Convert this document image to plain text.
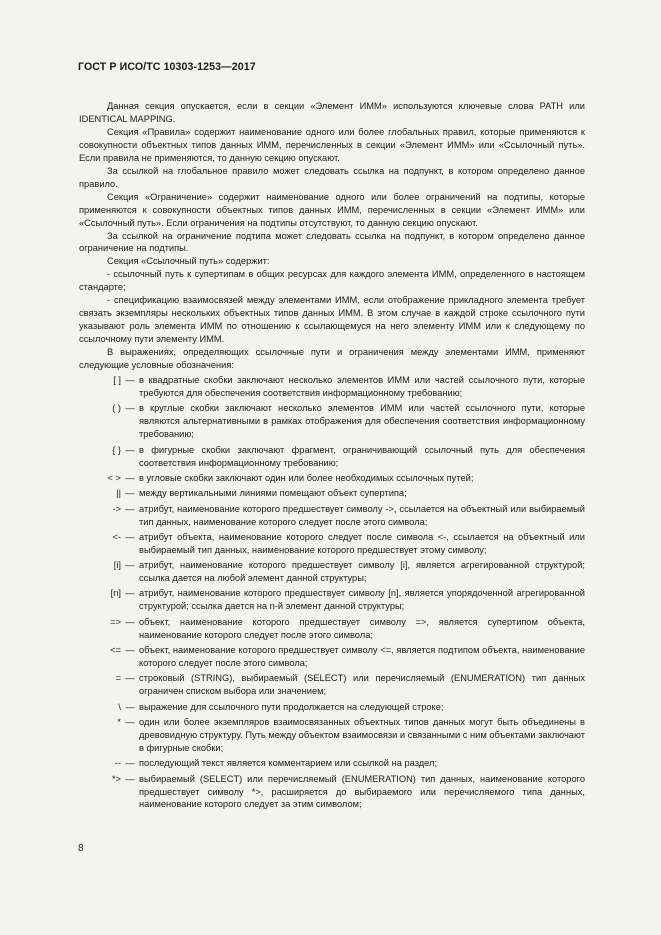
ГОСТ Р ИСО/ТС 10303-1253—2017

Данная секция опускается, если в секции «Элемент ИММ» используются ключевые слова PATH или IDENTICAL MAPPING.

Секция «Правила» содержит наименование одного или более глобальных правил, которые применяются к совокупности объектных типов данных ИММ, перечисленных в секции «Элемент ИММ» или «Ссылочный путь». Если правила не применяются, то данную секцию опускают.

За ссылкой на глобальное правило может следовать ссылка на подпункт, в котором определено данное правило.

Секция «Ограничение» содержит наименование одного или более ограничений на подтипы, которые применяются к совокупности объектных типов данных ИММ, перечисленных в секции «Элемент ИММ» или «Ссылочный путь». Если ограничения на подтипы отсутствуют, то данную секцию опускают.

За ссылкой на ограничение подтипа может следовать ссылка на подпункт, в котором определено данное ограничение на подтипы.

Секция «Ссылочный путь» содержит:

- ссылочный путь к супертипам в общих ресурсах для каждого элемента ИММ, определенного в настоящем стандарте;

- спецификацию взаимосвязей между элементами ИММ, если отображение прикладного элемента требует связать экземпляры нескольких объектных типов данных ИММ. В этом случае в каждой строке ссылочного пути указывают роль элемента ИММ по отношению к ссылающемуся на него элементу ИММ или к следующему по ссылочному пути элементу ИММ.

В выражениях, определяющих ссылочные пути и ограничения между элементами ИММ, применяют следующие условные обозначения:

[ ] — в квадратные скобки заключают несколько элементов ИММ или частей ссылочного пути, которые требуются для обеспечения соответствия информационному требованию;
( ) — в круглые скобки заключают несколько элементов ИММ или частей ссылочного пути, которые являются альтернативными в рамках отображения для обеспечения соответствия информационному требованию;
{ } — в фигурные скобки заключают фрагмент, ограничивающий ссылочный путь для обеспечения соответствия информационному требованию;
< > — в угловые скобки заключают один или более необходимых ссылочных путей;
|| — между вертикальными линиями помещают объект супертипа;
-> — атрибут, наименование которого предшествует символу ->, ссылается на объектный или выбираемый тип данных, наименование которого следует после этого символа;
<- — атрибут объекта, наименование которого следует после символа <-, ссылается на объектный или выбираемый тип данных, наименование которого предшествует этому символу;
[i] — атрибут, наименование которого предшествует символу [i], является агрегированной структурой; ссылка дается на любой элемент данной структуры;
[n] — атрибут, наименование которого предшествует символу [n], является упорядоченной агрегированной структурой; ссылка дается на n-й элемент данной структуры;
=> — объект, наименование которого предшествует символу =>, является супертипом объекта, наименование которого следует после этого символа;
<= — объект, наименование которого предшествует символу <=, является подтипом объекта, наименование которого следует после этого символа;
= — строковый (STRING), выбираемый (SELECT) или перечисляемый (ENUMERATION) тип данных ограничен списком выбора или значением;
\ — выражение для ссылочного пути продолжается на следующей строке;
* — один или более экземпляров взаимосвязанных объектных типов данных могут быть объединены в древовидную структуру. Путь между объектом взаимосвязи и связанными с ним объектами заключают в фигурные скобки;
-- — последующий текст является комментарием или ссылкой на раздел;
*> — выбираемый (SELECT) или перечисляемый (ENUMERATION) тип данных, наименование которого предшествует символу *>, расширяется до выбираемого или перечисляемого типа данных, наименование которого следует за этим символом;
8
